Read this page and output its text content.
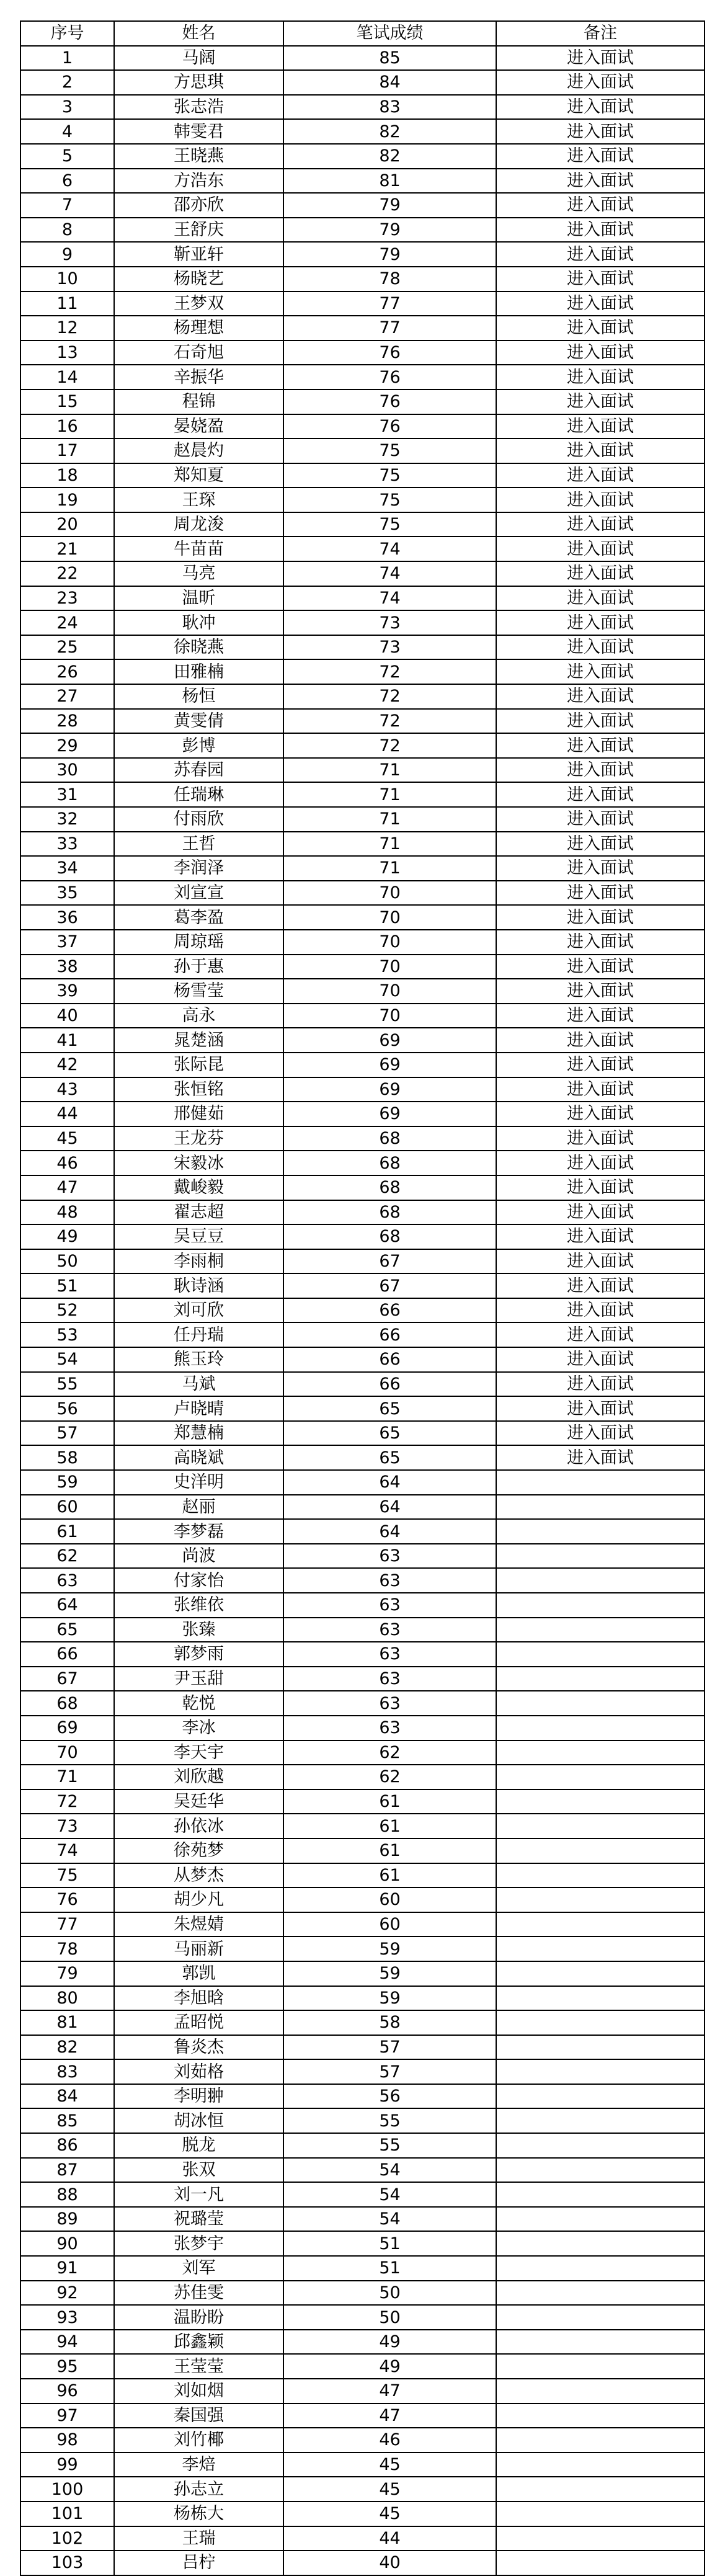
序号	姓名	笔试成绩	备注
1	马阔	85	进入面试
2	方思琪	84	进入面试
3	张志浩	83	进入面试
4	韩雯君	82	进入面试
5	王晓燕	82	进入面试
6	方浩东	81	进入面试
7	邵亦欣	79	进入面试
8	王舒庆	79	进入面试
9	靳亚轩	79	进入面试
10	杨晓艺	78	进入面试
11	王梦双	77	进入面试
12	杨理想	77	进入面试
13	石奇旭	76	进入面试
14	辛振华	76	进入面试
15	程锦	76	进入面试
16	晏娆盈	76	进入面试
17	赵晨灼	75	进入面试
18	郑知夏	75	进入面试
19	王琛	75	进入面试
20	周龙浚	75	进入面试
21	牛苗苗	74	进入面试
22	马亮	74	进入面试
23	温昕	74	进入面试
24	耿冲	73	进入面试
25	徐晓燕	73	进入面试
26	田雅楠	72	进入面试
27	杨恒	72	进入面试
28	黄雯倩	72	进入面试
29	彭博	72	进入面试
30	苏春园	71	进入面试
31	任瑞琳	71	进入面试
32	付雨欣	71	进入面试
33	王哲	71	进入面试
34	李润泽	71	进入面试
35	刘宣宣	70	进入面试
36	葛李盈	70	进入面试
37	周琼瑶	70	进入面试
38	孙于惠	70	进入面试
39	杨雪莹	70	进入面试
40	高永	70	进入面试
41	晁楚涵	69	进入面试
42	张际昆	69	进入面试
43	张恒铭	69	进入面试
44	邢健茹	69	进入面试
45	王龙芬	68	进入面试
46	宋毅冰	68	进入面试
47	戴峻毅	68	进入面试
48	翟志超	68	进入面试
49	吴豆豆	68	进入面试
50	李雨桐	67	进入面试
51	耿诗涵	67	进入面试
52	刘可欣	66	进入面试
53	任丹瑞	66	进入面试
54	熊玉玲	66	进入面试
55	马斌	66	进入面试
56	卢晓晴	65	进入面试
57	郑慧楠	65	进入面试
58	高晓斌	65	进入面试
59	史洋明	64	
60	赵丽	64	
61	李梦磊	64	
62	尚波	63	
63	付家怡	63	
64	张维依	63	
65	张臻	63	
66	郭梦雨	63	
67	尹玉甜	63	
68	乾悦	63	
69	李冰	63	
70	李天宇	62	
71	刘欣越	62	
72	吴廷华	61	
73	孙依冰	61	
74	徐苑梦	61	
75	从梦杰	61	
76	胡少凡	60	
77	朱煜婧	60	
78	马丽新	59	
79	郭凯	59	
80	李旭晗	59	
81	孟昭悦	58	
82	鲁炎杰	57	
83	刘茹格	57	
84	李明翀	56	
85	胡冰恒	55	
86	脱龙	55	
87	张双	54	
88	刘一凡	54	
89	祝璐莹	54	
90	张梦宇	51	
91	刘军	51	
92	苏佳雯	50	
93	温盼盼	50	
94	邱鑫颖	49	
95	王莹莹	49	
96	刘如烟	47	
97	秦国强	47	
98	刘竹椰	46	
99	李焙	45	
100	孙志立	45	
101	杨栋大	45	
102	王瑞	44	
103	吕柠	40	
